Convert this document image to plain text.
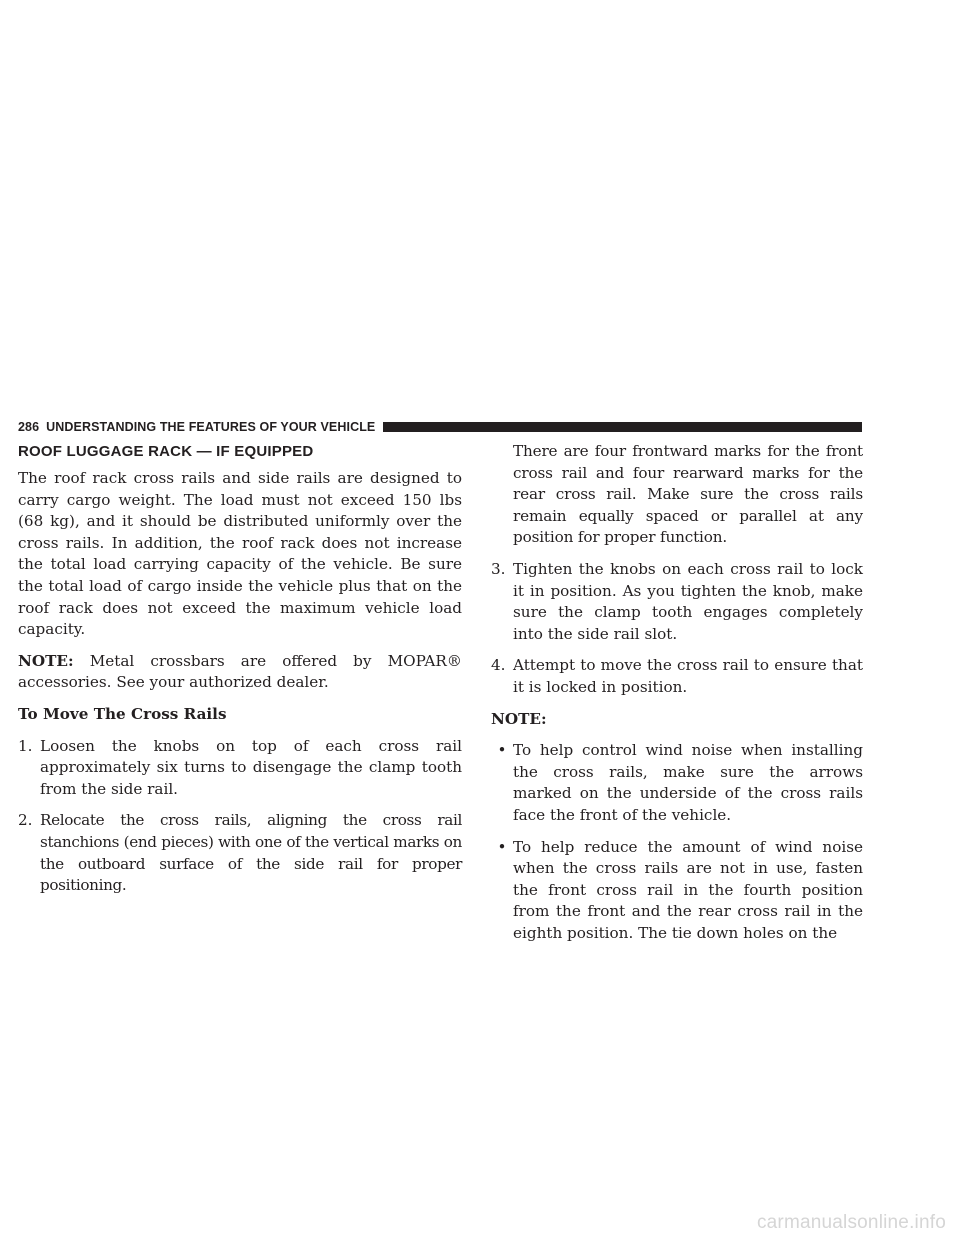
286 UNDERSTANDING THE FEATURES OF YOUR VEHICLE
ROOF LUGGAGE RACK — IF EQUIPPED

The roof rack cross rails and side rails are designed to carry cargo weight. The load must not exceed 150 lbs (68 kg), and it should be distributed uniformly over the cross rails. In addition, the roof rack does not increase the total load carrying capacity of the vehicle. Be sure the total load of cargo inside the vehicle plus that on the roof rack does not exceed the maximum vehicle load capacity.

NOTE: Metal crossbars are offered by MOPAR® accessories. See your authorized dealer.

To Move The Cross Rails

1. Loosen the knobs on top of each cross rail approximately six turns to disengage the clamp tooth from the side rail.
2. Relocate the cross rails, aligning the cross rail stanchions (end pieces) with one of the vertical marks on the outboard surface of the side rail for proper positioning.

There are four frontward marks for the front cross rail and four rearward marks for the rear cross rail. Make sure the cross rails remain equally spaced or parallel at any position for proper function.

3. Tighten the knobs on each cross rail to lock it in position. As you tighten the knob, make sure the clamp tooth engages completely into the side rail slot.
4. Attempt to move the cross rail to ensure that it is locked in position.

NOTE:

• To help control wind noise when installing the cross rails, make sure the arrows marked on the underside of the cross rails face the front of the vehicle.
• To help reduce the amount of wind noise when the cross rails are not in use, fasten the front cross rail in the fourth position from the front and the rear cross rail in the eighth position. The tie down holes on the
carmanualsonline.info
